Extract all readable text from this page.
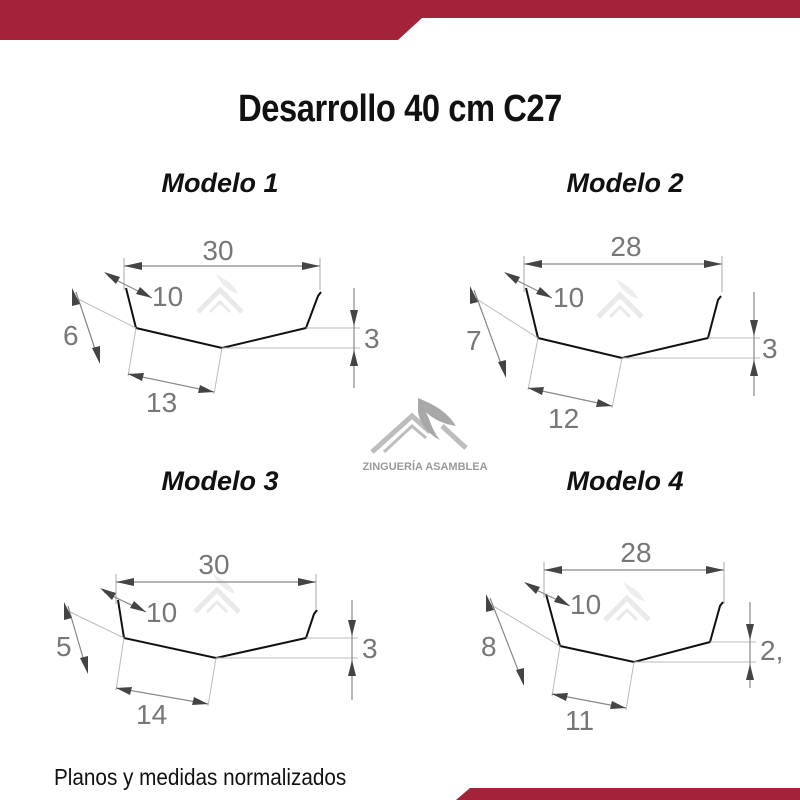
Desarrollo 40 cm C27
Modelo 1	Modelo 2
Modelo 3	Modelo 4
30
10
6	3
13
28
10
7	3
12
30
10
5	3
14
28
10
8	2,
11
ZINGUERÍA ASAMBLEA
Planos y medidas normalizados
